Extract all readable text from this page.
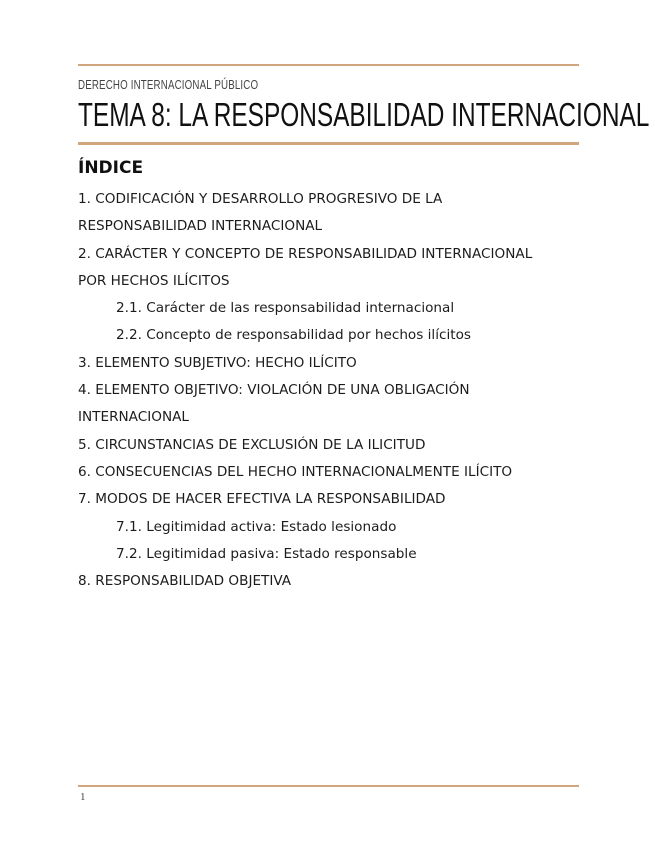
DERECHO INTERNACIONAL PÚBLICO
TEMA 8: LA RESPONSABILIDAD INTERNACIONAL
ÍNDICE
1. CODIFICACIÓN Y DESARROLLO PROGRESIVO DE LA
RESPONSABILIDAD INTERNACIONAL
2. CARÁCTER Y CONCEPTO DE RESPONSABILIDAD INTERNACIONAL
POR HECHOS ILÍCITOS
2.1. Carácter de las responsabilidad internacional
2.2. Concepto de responsabilidad por hechos ilícitos
3. ELEMENTO SUBJETIVO: HECHO ILÍCITO
4. ELEMENTO OBJETIVO: VIOLACIÓN DE UNA OBLIGACIÓN
INTERNACIONAL
5. CIRCUNSTANCIAS DE EXCLUSIÓN DE LA ILICITUD
6. CONSECUENCIAS DEL HECHO INTERNACIONALMENTE ILÍCITO
7. MODOS DE HACER EFECTIVA LA RESPONSABILIDAD
7.1. Legitimidad activa: Estado lesionado
7.2. Legitimidad pasiva: Estado responsable
8. RESPONSABILIDAD OBJETIVA
1
